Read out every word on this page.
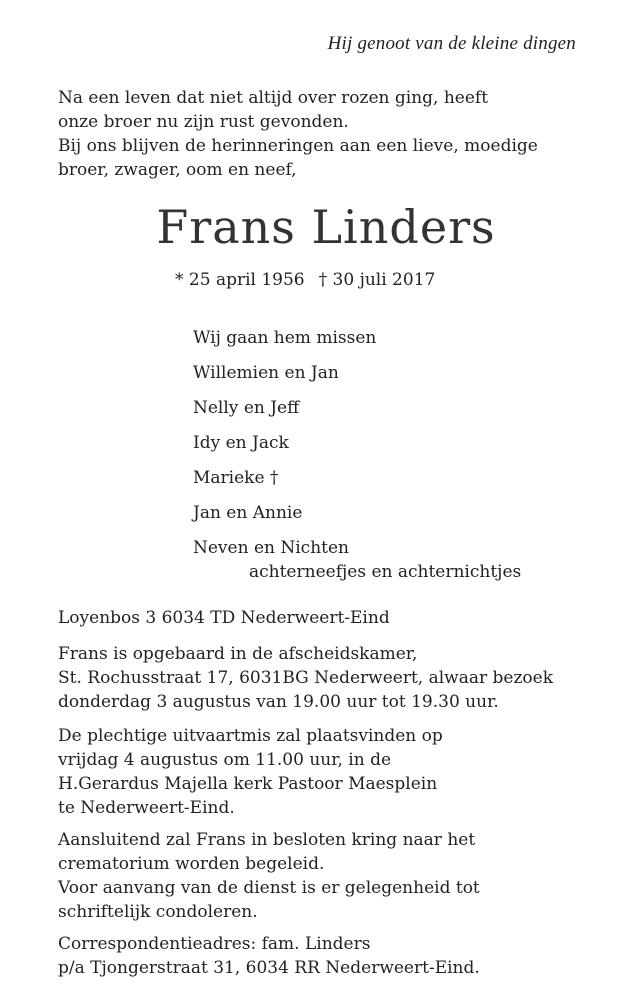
Hij genoot van de kleine dingen
Na een leven dat niet altijd over rozen ging, heeft
onze broer nu zijn rust gevonden.
Bij ons blijven de herinneringen aan een lieve, moedige
broer, zwager, oom en neef,
Frans Linders
* 25 april 1956 † 30 juli 2017
Wij gaan hem missen
Willemien en Jan
Nelly en Jeff
Idy en Jack
Marieke †
Jan en Annie
Neven en Nichten
achterneefjes en achternichtjes
Loyenbos 3 6034 TD Nederweert-Eind
Frans is opgebaard in de afscheidskamer,
St. Rochusstraat 17, 6031BG Nederweert, alwaar bezoek
donderdag 3 augustus van 19.00 uur tot 19.30 uur.
De plechtige uitvaartmis zal plaatsvinden op
vrijdag 4 augustus om 11.00 uur, in de
H.Gerardus Majella kerk Pastoor Maesplein
te Nederweert-Eind.
Aansluitend zal Frans in besloten kring naar het
crematorium worden begeleid.
Voor aanvang van de dienst is er gelegenheid tot
schriftelijk condoleren.
Correspondentieadres: fam. Linders
p/a Tjongerstraat 31, 6034 RR Nederweert-Eind.
